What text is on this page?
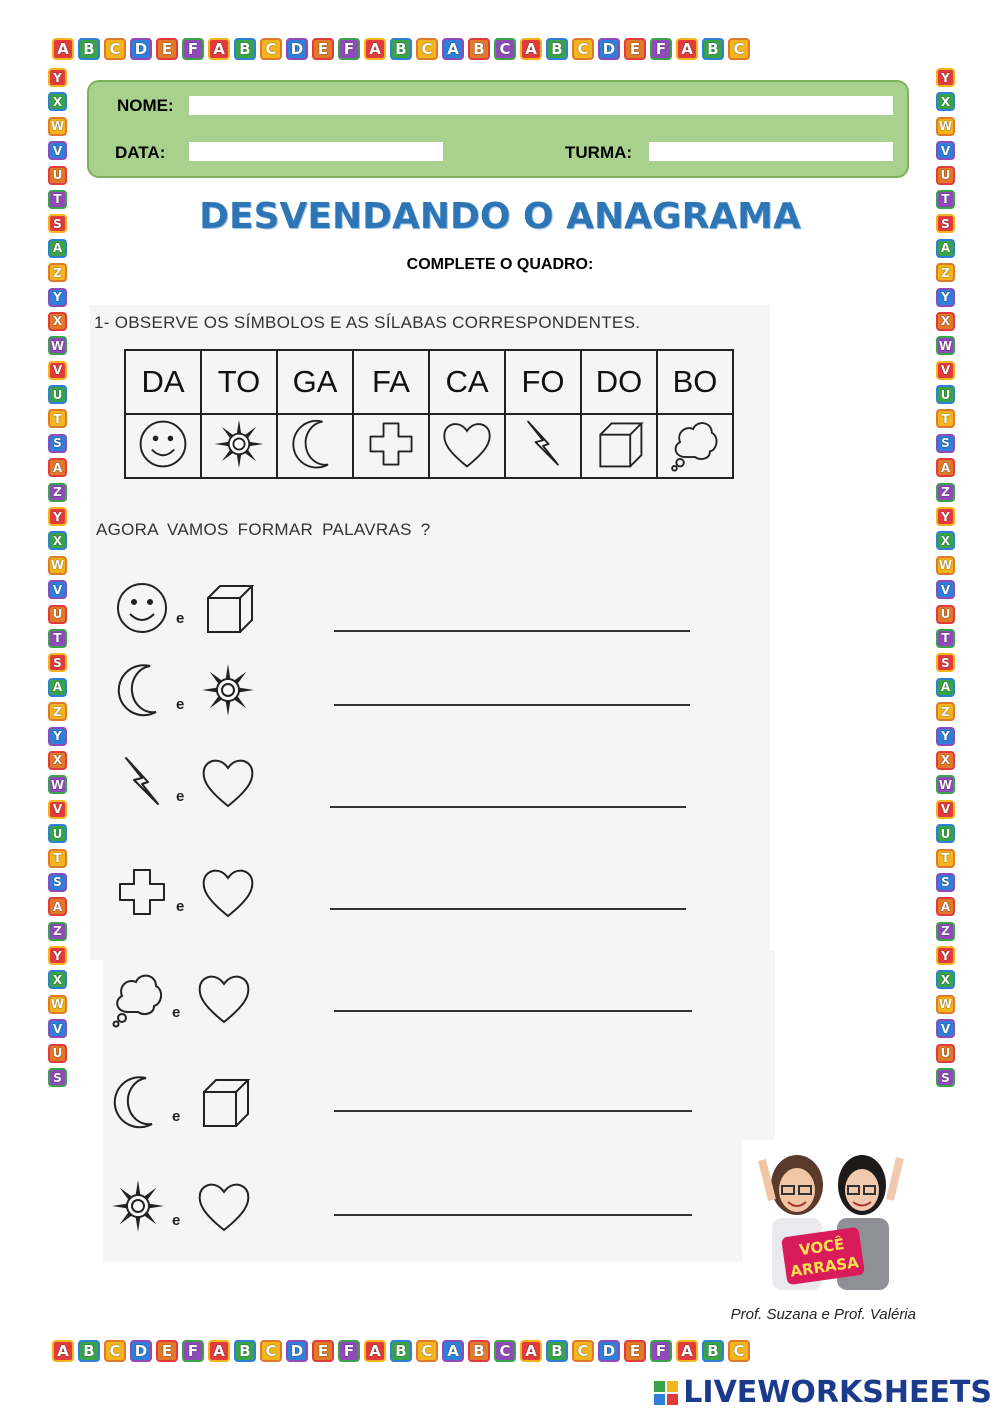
A B C D E	F	A B C D E	F	A B C A B C A B C D E	F	A B C
A B C D E	F	A B C D E	F	A B C A B C A B C D E	F	A B C
Y
X
W
V
U
T
S
A
Z
Y
X
W
V
U
T
S
A
Z
Y
X
W
V
U
T
S
A
Z
Y
X
W
V
U
T
S
A
Z
Y
X
W
V
U
S
Y
X
W
V
U
T
S
A
Z
Y
X
W
V
U
T
S
A
Z
Y
X
W
V
U
T
S
A
Z
Y
X
W
V
U
T
S
A
Z
Y
X
W
V
U
S
NOME:
DATA:	TURMA:
DESVENDANDO O ANAGRAMA
COMPLETE O QUADRO:
1- OBSERVE OS SÍMBOLOS E AS SÍLABAS CORRESPONDENTES.
DA	TO	GA	FA	CA	FO	DO	BO

AGORA VAMOS FORMAR PALAVRAS ?
e
e
e
e
e
e
e
VOCÊ
ARRASA
Prof. Suzana e Prof. Valéria
LIVEWORKSHEETS
